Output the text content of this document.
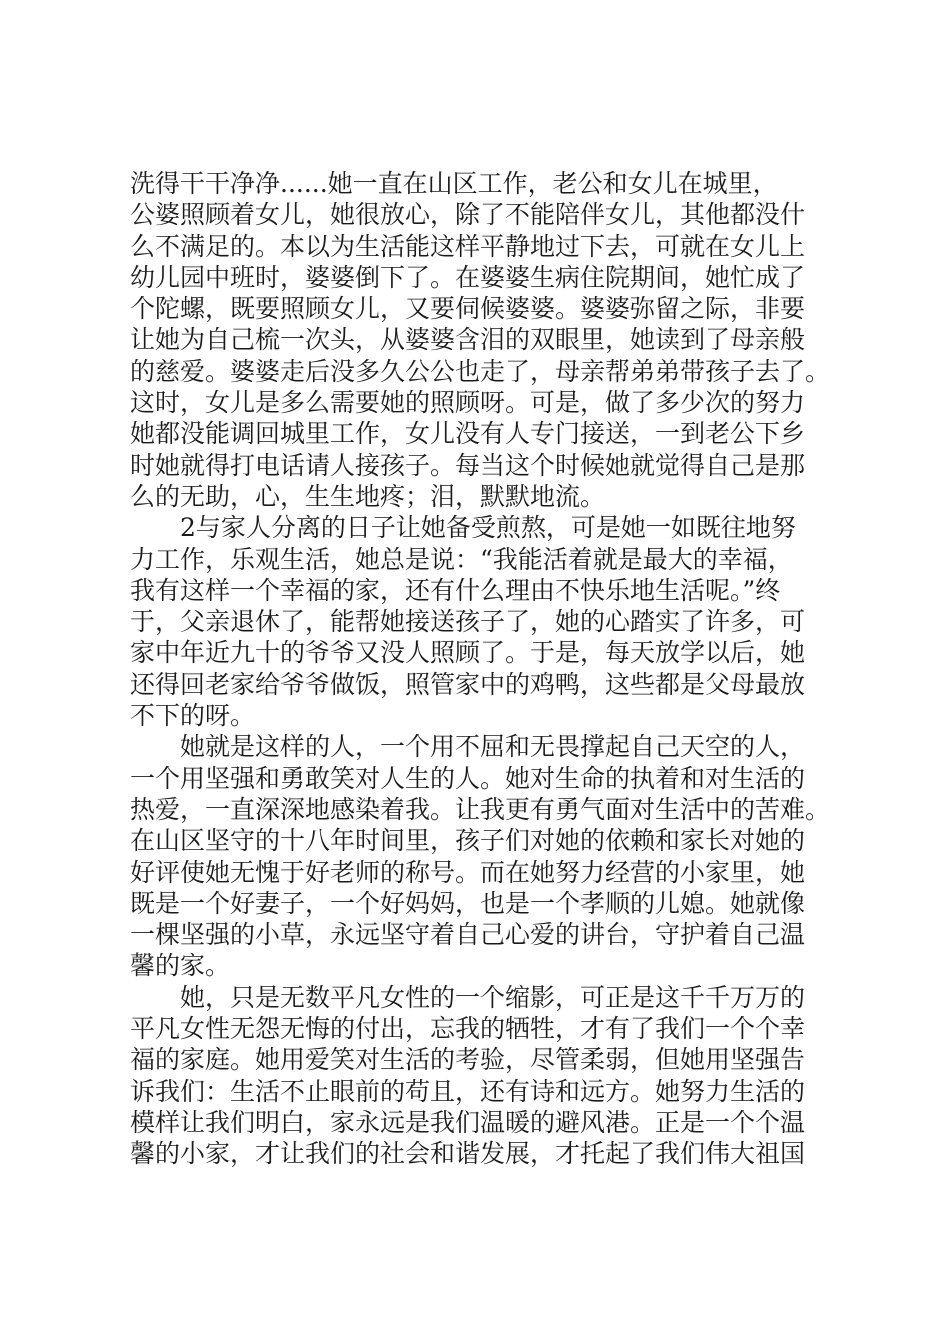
洗得干干净净......她一直在山区工作，老公和女儿在城里，
公婆照顾着女儿，她很放心，除了不能陪伴女儿，其他都没什
么不满足的。本以为生活能这样平静地过下去，可就在女儿上
幼儿园中班时，婆婆倒下了。在婆婆生病住院期间，她忙成了
个陀螺，既要照顾女儿，又要伺候婆婆。婆婆弥留之际，非要
让她为自己梳一次头，从婆婆含泪的双眼里，她读到了母亲般
的慈爱。婆婆走后没多久公公也走了，母亲帮弟弟带孩子去了。
这时，女儿是多么需要她的照顾呀。可是，做了多少次的努力
她都没能调回城里工作，女儿没有人专门接送，一到老公下乡
时她就得打电话请人接孩子。每当这个时候她就觉得自己是那
么的无助，心，生生地疼；泪，默默地流。
2与家人分离的日子让她备受煎熬，可是她一如既往地努
力工作，乐观生活，她总是说：“我能活着就是最大的幸福，
我有这样一个幸福的家，还有什么理由不快乐地生活呢。”终
于，父亲退休了，能帮她接送孩子了，她的心踏实了许多，可
家中年近九十的爷爷又没人照顾了。于是，每天放学以后，她
还得回老家给爷爷做饭，照管家中的鸡鸭，这些都是父母最放
不下的呀。
她就是这样的人，一个用不屈和无畏撑起自己天空的人，
一个用坚强和勇敢笑对人生的人。她对生命的执着和对生活的
热爱，一直深深地感染着我。让我更有勇气面对生活中的苦难。
在山区坚守的十八年时间里，孩子们对她的依赖和家长对她的
好评使她无愧于好老师的称号。而在她努力经营的小家里，她
既是一个好妻子，一个好妈妈，也是一个孝顺的儿媳。她就像
一棵坚强的小草，永远坚守着自己心爱的讲台，守护着自己温
馨的家。
她，只是无数平凡女性的一个缩影，可正是这千千万万的
平凡女性无怨无悔的付出，忘我的牺牲，才有了我们一个个幸
福的家庭。她用爱笑对生活的考验，尽管柔弱，但她用坚强告
诉我们：生活不止眼前的苟且，还有诗和远方。她努力生活的
模样让我们明白，家永远是我们温暖的避风港。正是一个个温
馨的小家，才让我们的社会和谐发展，才托起了我们伟大祖国
